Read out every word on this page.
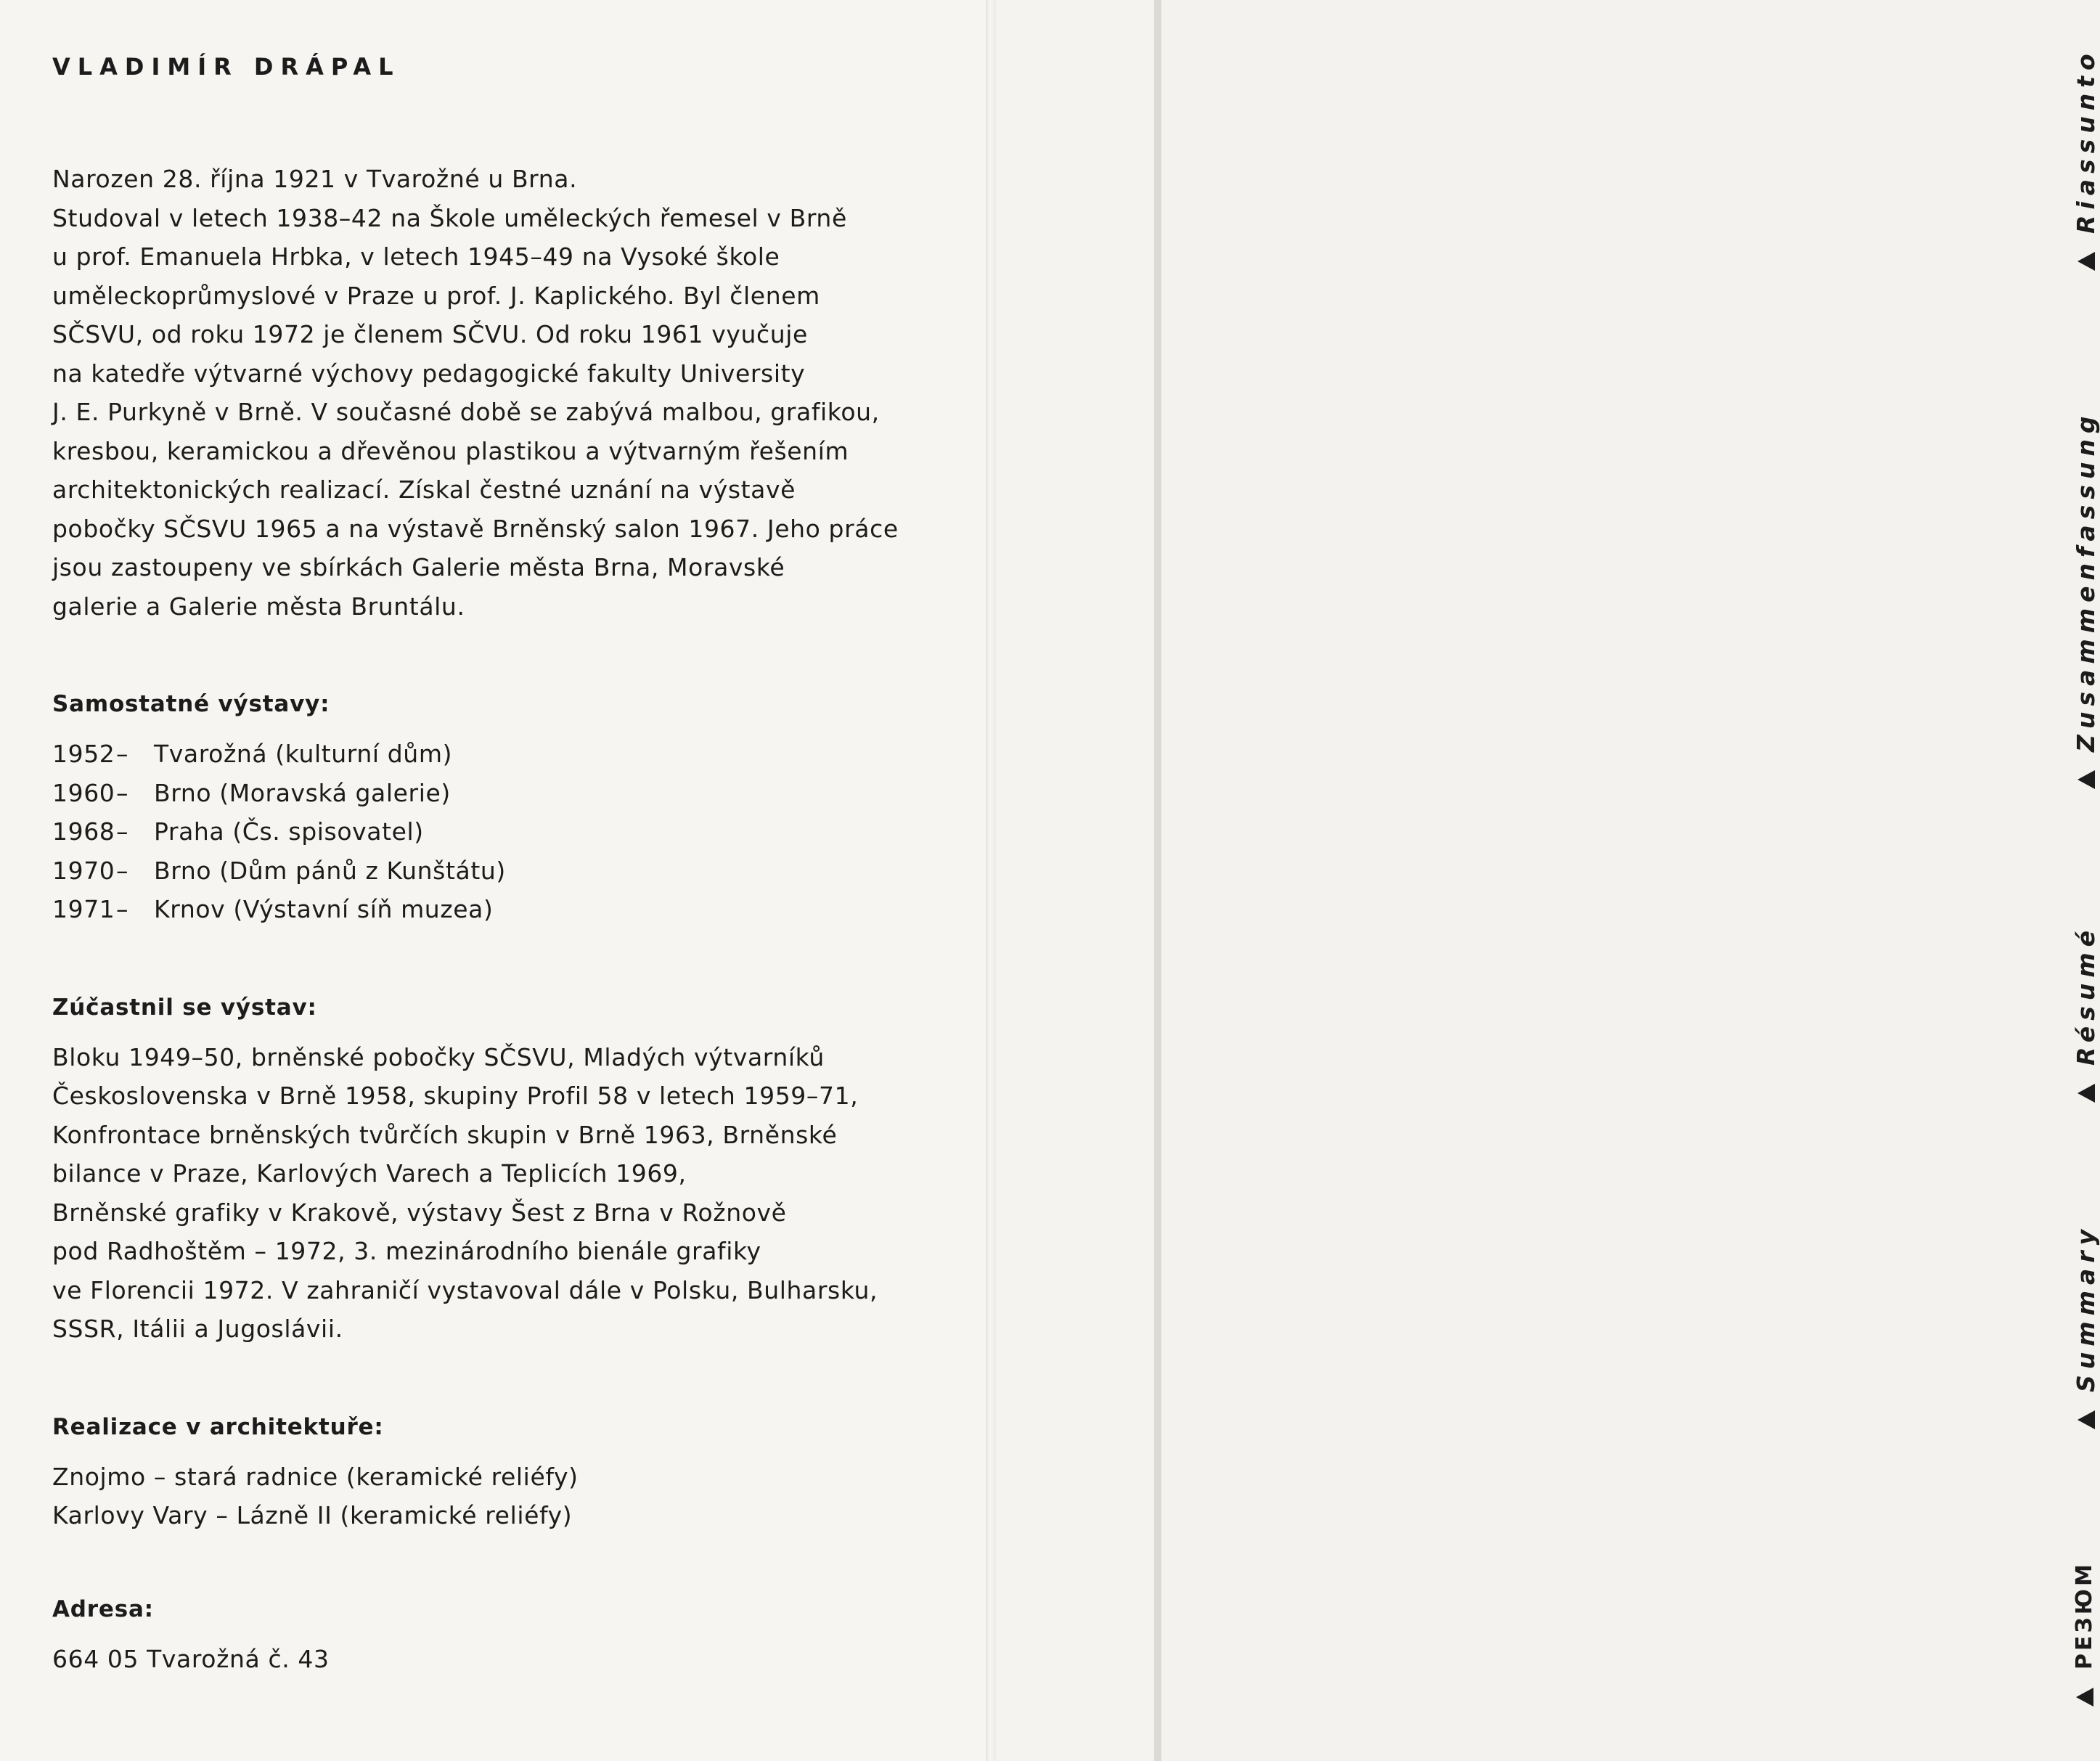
VLADIMÍR DRÁPAL

Narozen 28. října 1921 v Tvarožné u Brna.

Studoval v letech 1938–42 na Škole uměleckých řemesel v Brně

u prof. Emanuela Hrbka, v letech 1945–49 na Vysoké škole

uměleckoprůmyslové v Praze u prof. J. Kaplického. Byl členem

SČSVU, od roku 1972 je členem SČVU. Od roku 1961 vyučuje

na katedře výtvarné výchovy pedagogické fakulty University

J. E. Purkyně v Brně. V současné době se zabývá malbou, grafikou,

kresbou, keramickou a dřevěnou plastikou a výtvarným řešením

architektonických realizací. Získal čestné uznání na výstavě

pobočky SČSVU 1965 a na výstavě Brněnský salon 1967. Jeho práce

jsou zastoupeny ve sbírkách Galerie města Brna, Moravské

galerie a Galerie města Bruntálu.

Samostatné výstavy:
1952– Tvarožná (kulturní dům)
1960– Brno (Moravská galerie)
1968– Praha (Čs. spisovatel)
1970– Brno (Dům pánů z Kunštátu)
1971– Krnov (Výstavní síň muzea)
Zúčastnil se výstav:

Bloku 1949–50, brněnské pobočky SČSVU, Mladých výtvarníků

Československa v Brně 1958, skupiny Profil 58 v letech 1959–71,

Konfrontace brněnských tvůrčích skupin v Brně 1963, Brněnské

bilance v Praze, Karlových Varech a Teplicích 1969,

Brněnské grafiky v Krakově, výstavy Šest z Brna v Rožnově

pod Radhoštěm – 1972, 3. mezinárodního bienále grafiky

ve Florencii 1972. V zahraničí vystavoval dále v Polsku, Bulharsku,

SSSR, Itálii a Jugoslávii.

Realizace v architektuře:
Znojmo – stará radnice (keramické reliéfy)
Karlovy Vary – Lázně II (keramické reliéfy)
Adresa:
664 05 Tvarožná č. 43
Riassunto
Zusammenfassung
Résumé
Summary
РЕЗЮМ
